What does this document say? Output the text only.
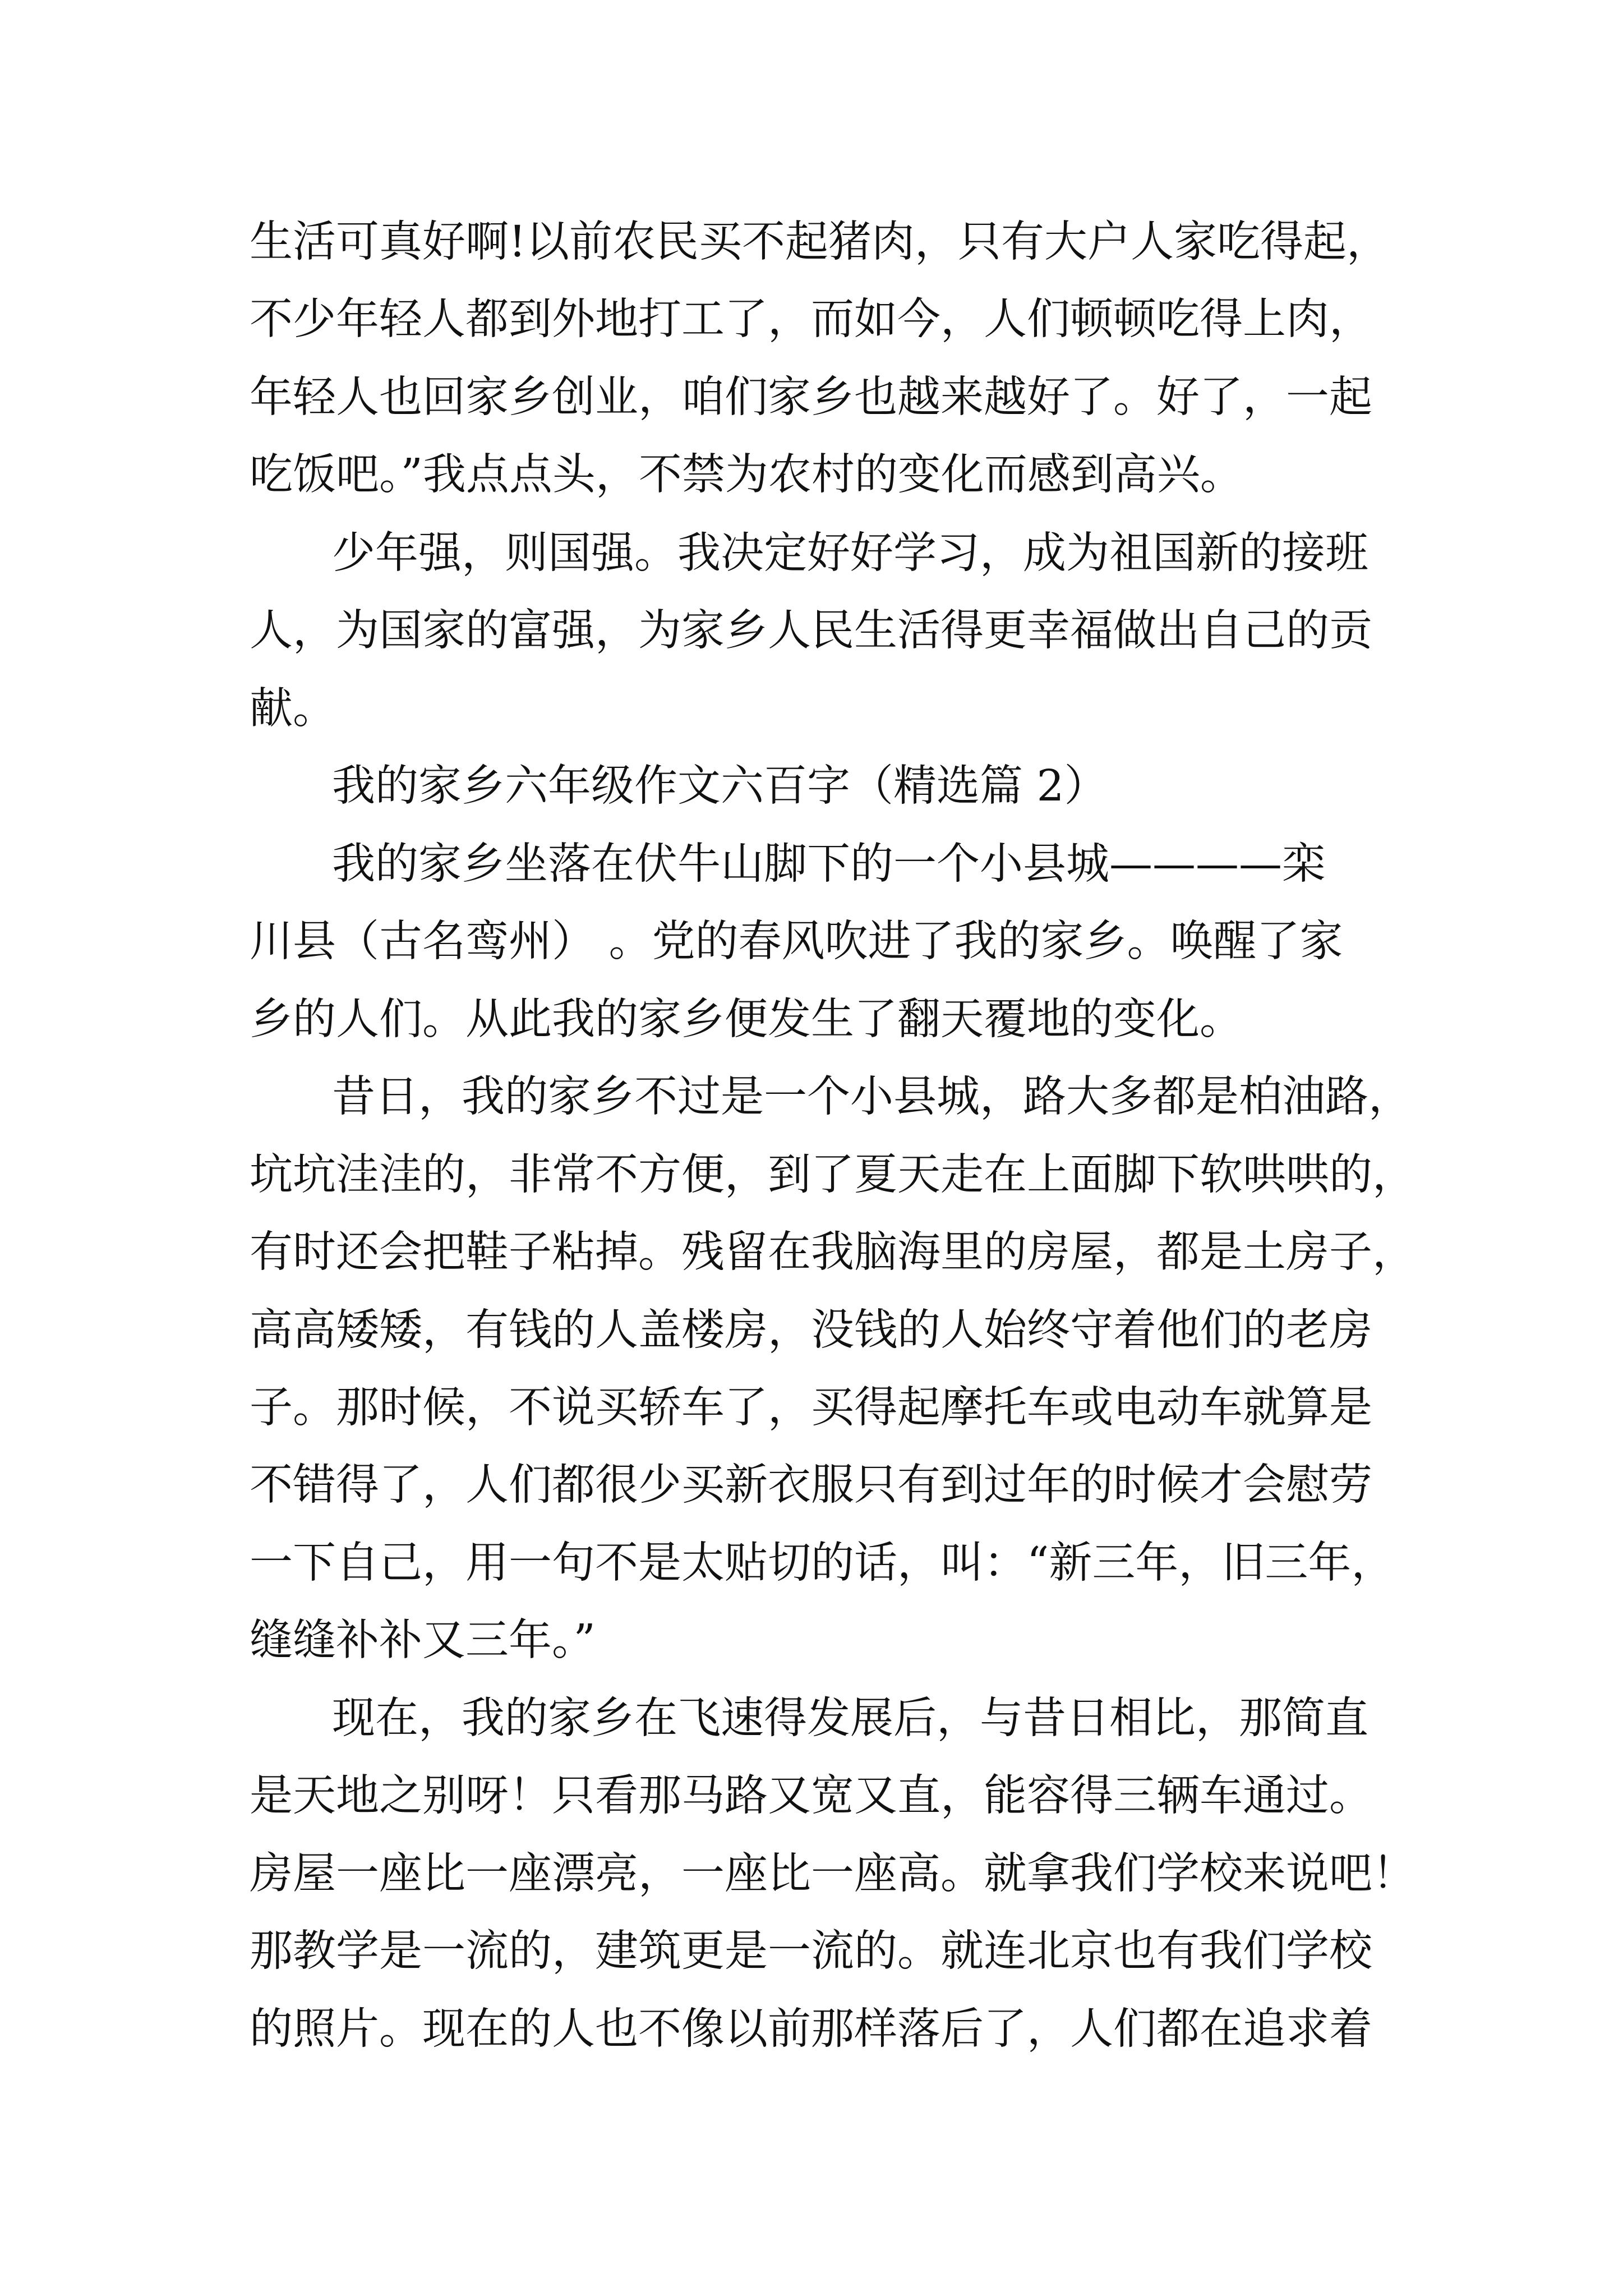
生活可真好啊!以前农民买不起猪肉，只有大户人家吃得起，
不少年轻人都到外地打工了，而如今，人们顿顿吃得上肉，
年轻人也回家乡创业，咱们家乡也越来越好了。好了，一起
吃饭吧。”我点点头，不禁为农村的变化而感到高兴。
少年强，则国强。我决定好好学习，成为祖国新的接班
人，为国家的富强，为家乡人民生活得更幸福做出自己的贡
献。
我的家乡六年级作文六百字（精选篇 2）
我的家乡坐落在伏牛山脚下的一个小县城————栾
川县（古名鸾州） 。党的春风吹进了我的家乡。唤醒了家
乡的人们。从此我的家乡便发生了翻天覆地的变化。
昔日，我的家乡不过是一个小县城，路大多都是柏油路，
坑坑洼洼的，非常不方便，到了夏天走在上面脚下软哄哄的，
有时还会把鞋子粘掉。残留在我脑海里的房屋，都是土房子，
高高矮矮，有钱的人盖楼房，没钱的人始终守着他们的老房
子。那时候，不说买轿车了，买得起摩托车或电动车就算是
不错得了，人们都很少买新衣服只有到过年的时候才会慰劳
一下自己，用一句不是太贴切的话，叫：“新三年，旧三年，
缝缝补补又三年。”
现在，我的家乡在飞速得发展后，与昔日相比，那简直
是天地之别呀！只看那马路又宽又直，能容得三辆车通过。
房屋一座比一座漂亮，一座比一座高。就拿我们学校来说吧！
那教学是一流的，建筑更是一流的。就连北京也有我们学校
的照片。现在的人也不像以前那样落后了，人们都在追求着
